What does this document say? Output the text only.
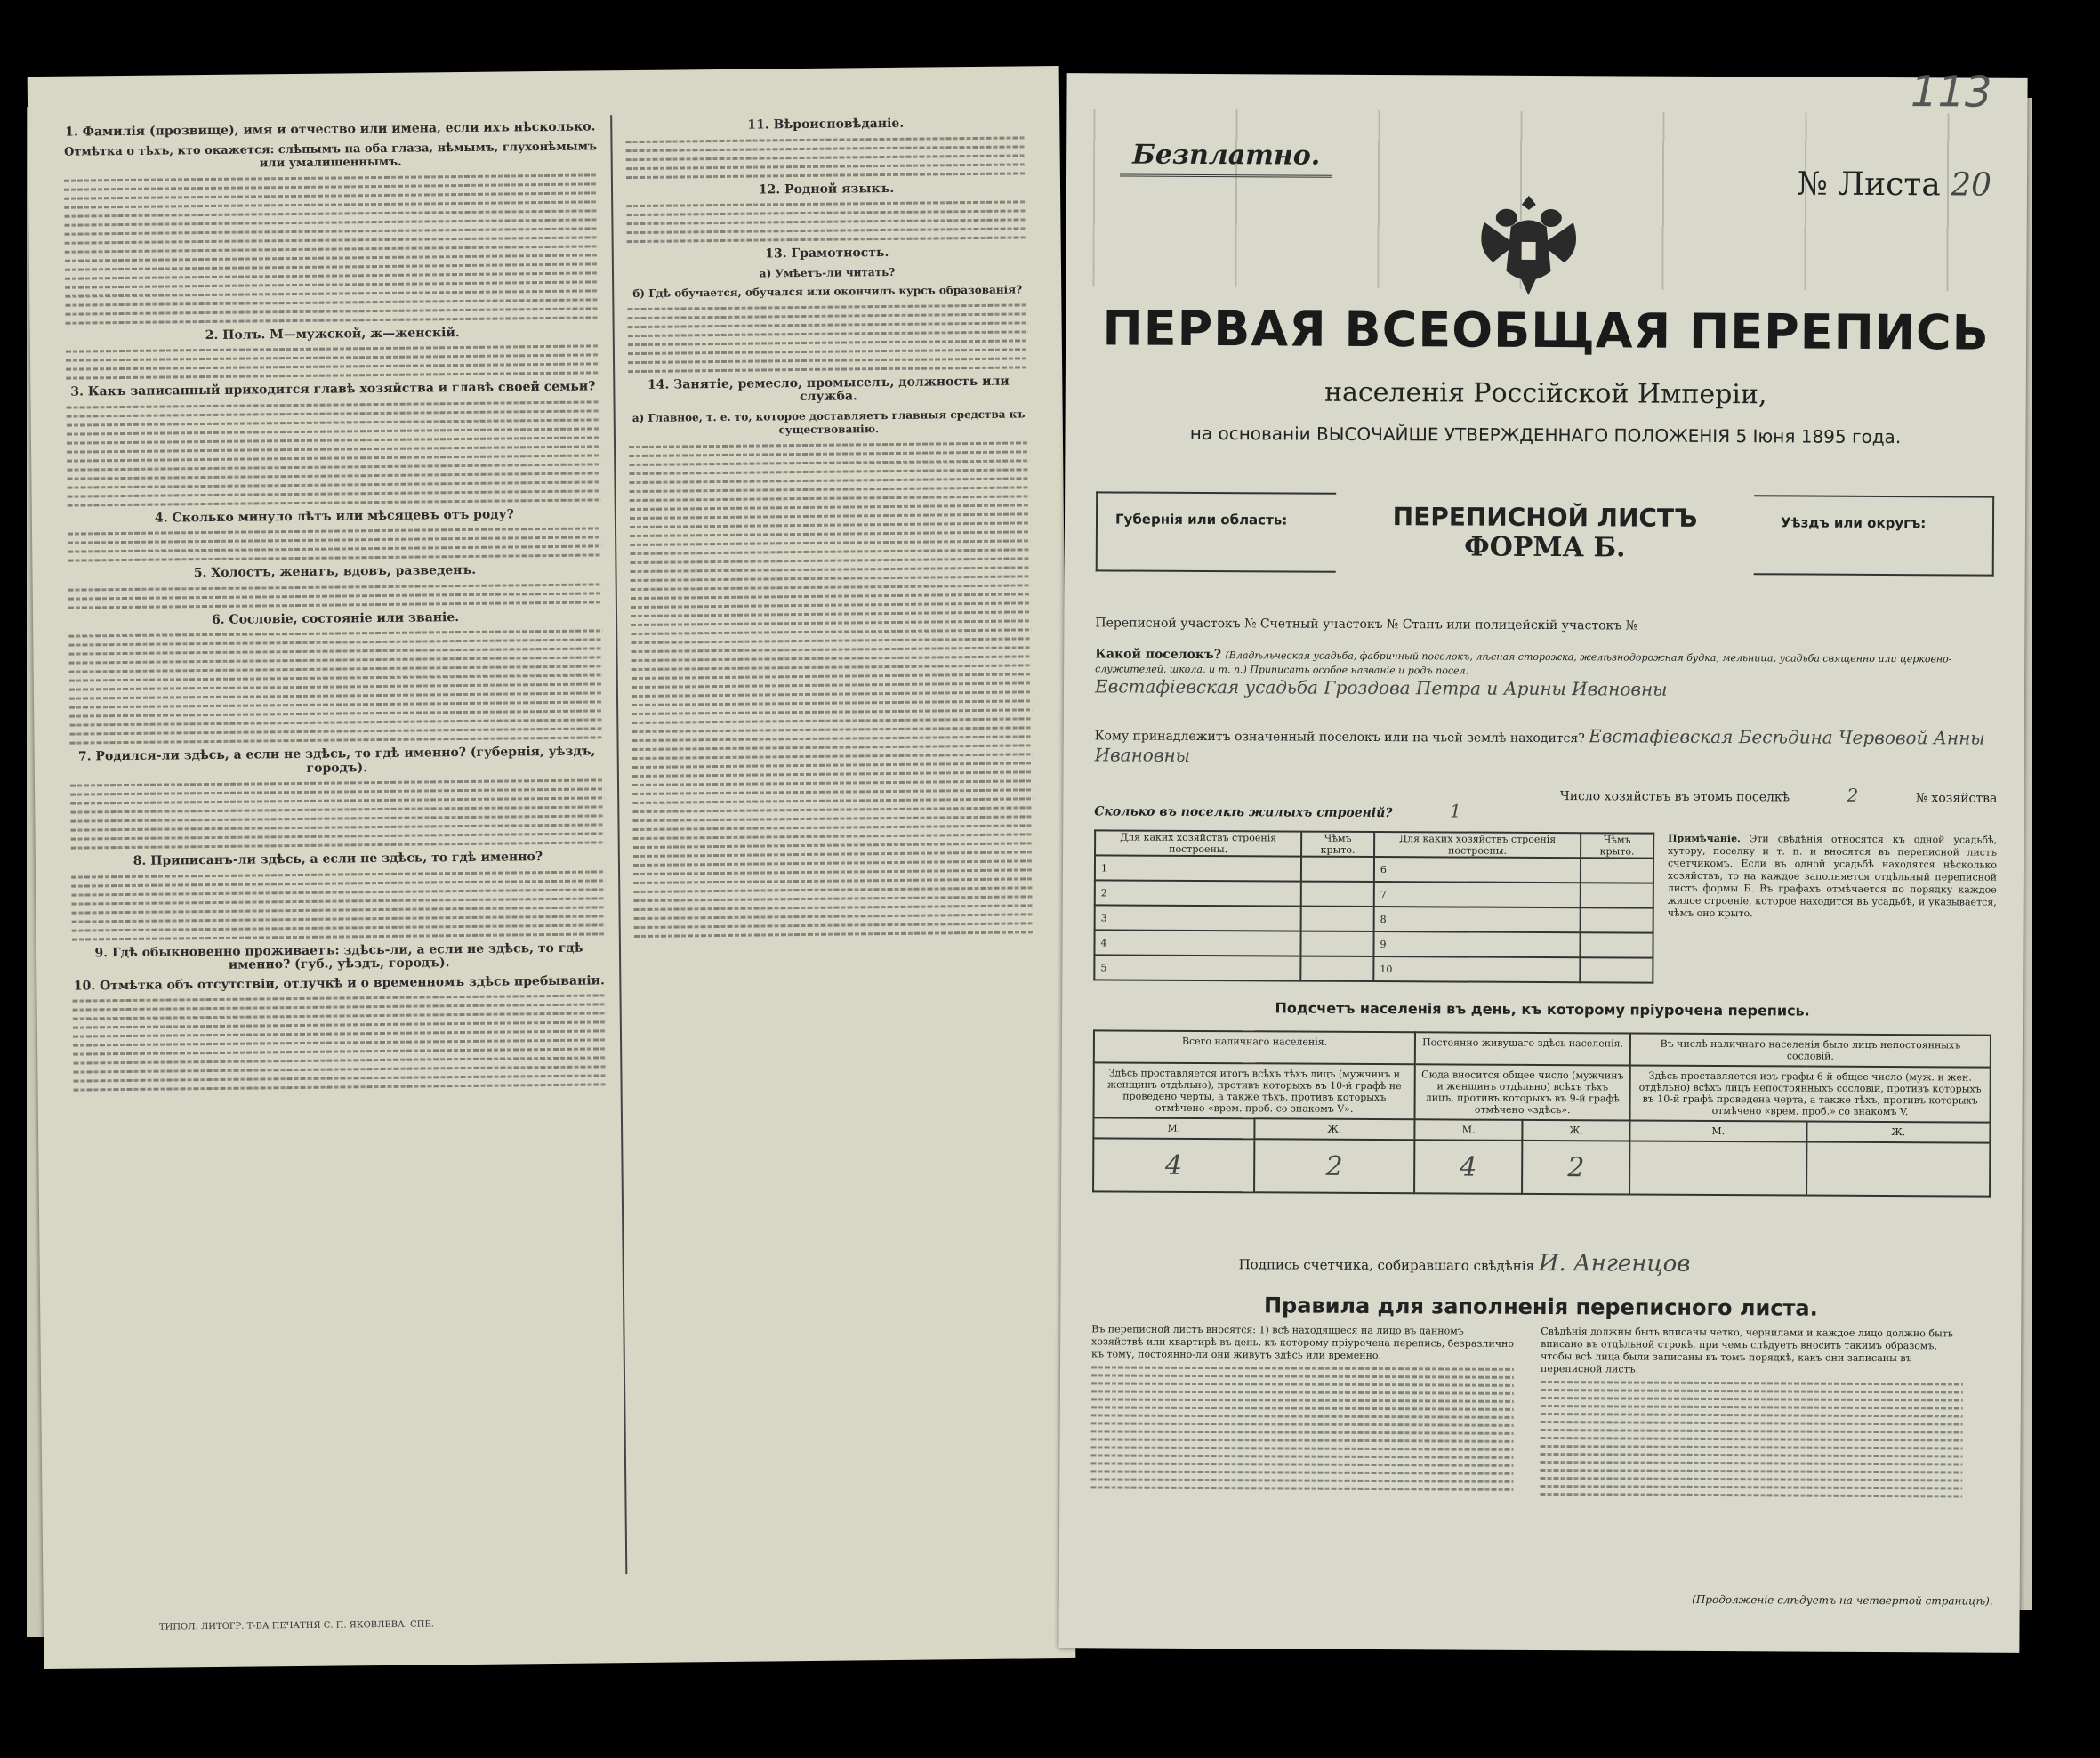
1. Фамилія (прозвище), имя и отчество или имена, если ихъ нѣсколько.
Отмѣтка о тѣхъ, кто окажется: слѣпымъ на оба глаза, нѣмымъ, глухонѣмымъ или умалишеннымъ.
2. Полъ. М—мужской, ж—женскій.
3. Какъ записанный приходится главѣ хозяйства и главѣ своей семьи?
4. Сколько минуло лѣтъ или мѣсяцевъ отъ роду?
5. Холостъ, женатъ, вдовъ, разведенъ.
6. Сословіе, состояніе или званіе.
7. Родился-ли здѣсь, а если не здѣсь, то гдѣ именно? (губернія, уѣздъ, городъ).
8. Приписанъ-ли здѣсь, а если не здѣсь, то гдѣ именно?
9. Гдѣ обыкновенно проживаетъ: здѣсь-ли, а если не здѣсь, то гдѣ именно? (губ., уѣздъ, городъ).
10. Отмѣтка объ отсутствіи, отлучкѣ и о временномъ здѣсь пребываніи.
11. Вѣроисповѣданіе.
12. Родной языкъ.
13. Грамотность.
а) Умѣетъ-ли читать?
б) Гдѣ обучается, обучался или окончилъ курсъ образованія?
14. Занятіе, ремесло, промыселъ, должность или служба.
а) Главное, т. е. то, которое доставляетъ главныя средства къ существованію.
ТИПОЛ. ЛИТОГР. Т-ВА ПЕЧАТНЯ С. П. ЯКОВЛЕВА. СПБ.
113
Безплатно.
№ Листа 20
ПЕРВАЯ ВСЕОБЩАЯ ПЕРЕПИСЬ
населенія Россійской Имперіи,
на основаніи ВЫСОЧАЙШЕ УТВЕРЖДЕННАГО ПОЛОЖЕНІЯ 5 Іюня 1895 года.
Губернія или область:	ПЕРЕПИСНОЙ ЛИСТЪ
ФОРМА Б.
Уѣздъ или округъ:
Переписной участокъ № Счетный участокъ № Станъ или полицейскій участокъ №
Какой поселокъ? (Владѣльческая усадьба, фабричный поселокъ, лѣсная сторожка, желѣзнодорожная будка, мельница, усадьба священно или церковно-служителей, школа, и т. п.) Приписать особое названіе и родъ посел.
Евстафіевская усадьба Гроздова Петра и Арины Ивановны
Кому принадлежитъ означенный поселокъ или на чьей землѣ находится? Евстафіевская Бесѣдина Червовой Анны Ивановны
Число хозяйствъ въ этомъ поселкѣ	2	№ хозяйства
Сколько въ поселкѣ жилыхъ строеній?	1
Для каких хозяйствъ строенія построены.	Чѣмъ крыто.	Для каких хозяйствъ строенія построены.	Чѣмъ крыто.
1		6	
2		7	
3		8	
4		9	
5		10	
Примѣчаніе. Эти свѣдѣнія относятся къ одной усадьбѣ, хутору, поселку и т. п. и вносятся въ переписной листъ счетчикомъ. Если въ одной усадьбѣ находятся нѣсколько хозяйствъ, то на каждое заполняется отдѣльный переписной листъ формы Б. Въ графахъ отмѣчается по порядку каждое жилое строеніе, которое находится въ усадьбѣ, и указывается, чѣмъ оно крыто.
Подсчетъ населенія въ день, къ которому пріурочена перепись.
Всего наличнаго населенія.		Постоянно живущаго здѣсь населенія.		Въ числѣ наличнаго населенія было лицъ непостоянныхъ сословій.	
Здѣсь проставляется итогъ всѣхъ тѣхъ лицъ (мужчинъ и женщинъ отдѣльно), противъ которыхъ въ 10-й графѣ не проведено черты, а также тѣхъ, противъ которыхъ отмѣчено «врем. проб. со знакомъ V».		Сюда вносится общее число (мужчинъ и женщинъ отдѣльно) всѣхъ тѣхъ лицъ, противъ которыхъ въ 9-й графѣ отмѣчено «здѣсь».		Здѣсь проставляется изъ графы 6-й общее число (муж. и жен. отдѣльно) всѣхъ лицъ непостоянныхъ сословій, противъ которыхъ въ 10-й графѣ проведена черта, а также тѣхъ, противъ которыхъ отмѣчено «врем. проб.» со знакомъ V.	
М.	Ж.	М.	Ж.	М.	Ж.
4	2	4	2		
Подпись счетчика, собиравшаго свѣдѣнія И. Ангенцов
Правила для заполненія переписного листа.
Въ переписной листъ вносятся: 1) всѣ находящіеся на лицо въ данномъ хозяйствѣ или квартирѣ въ день, къ которому пріурочена перепись, безразлично къ тому, постоянно-ли они живутъ здѣсь или временно.
Свѣдѣнія должны быть вписаны четко, чернилами и каждое лицо должно быть вписано въ отдѣльной строкѣ, при чемъ слѣдуетъ вносить такимъ образомъ, чтобы всѣ лица были записаны въ томъ порядкѣ, какъ они записаны въ переписной листъ.
(Продолженіе слѣдуетъ на четвертой страницѣ).
